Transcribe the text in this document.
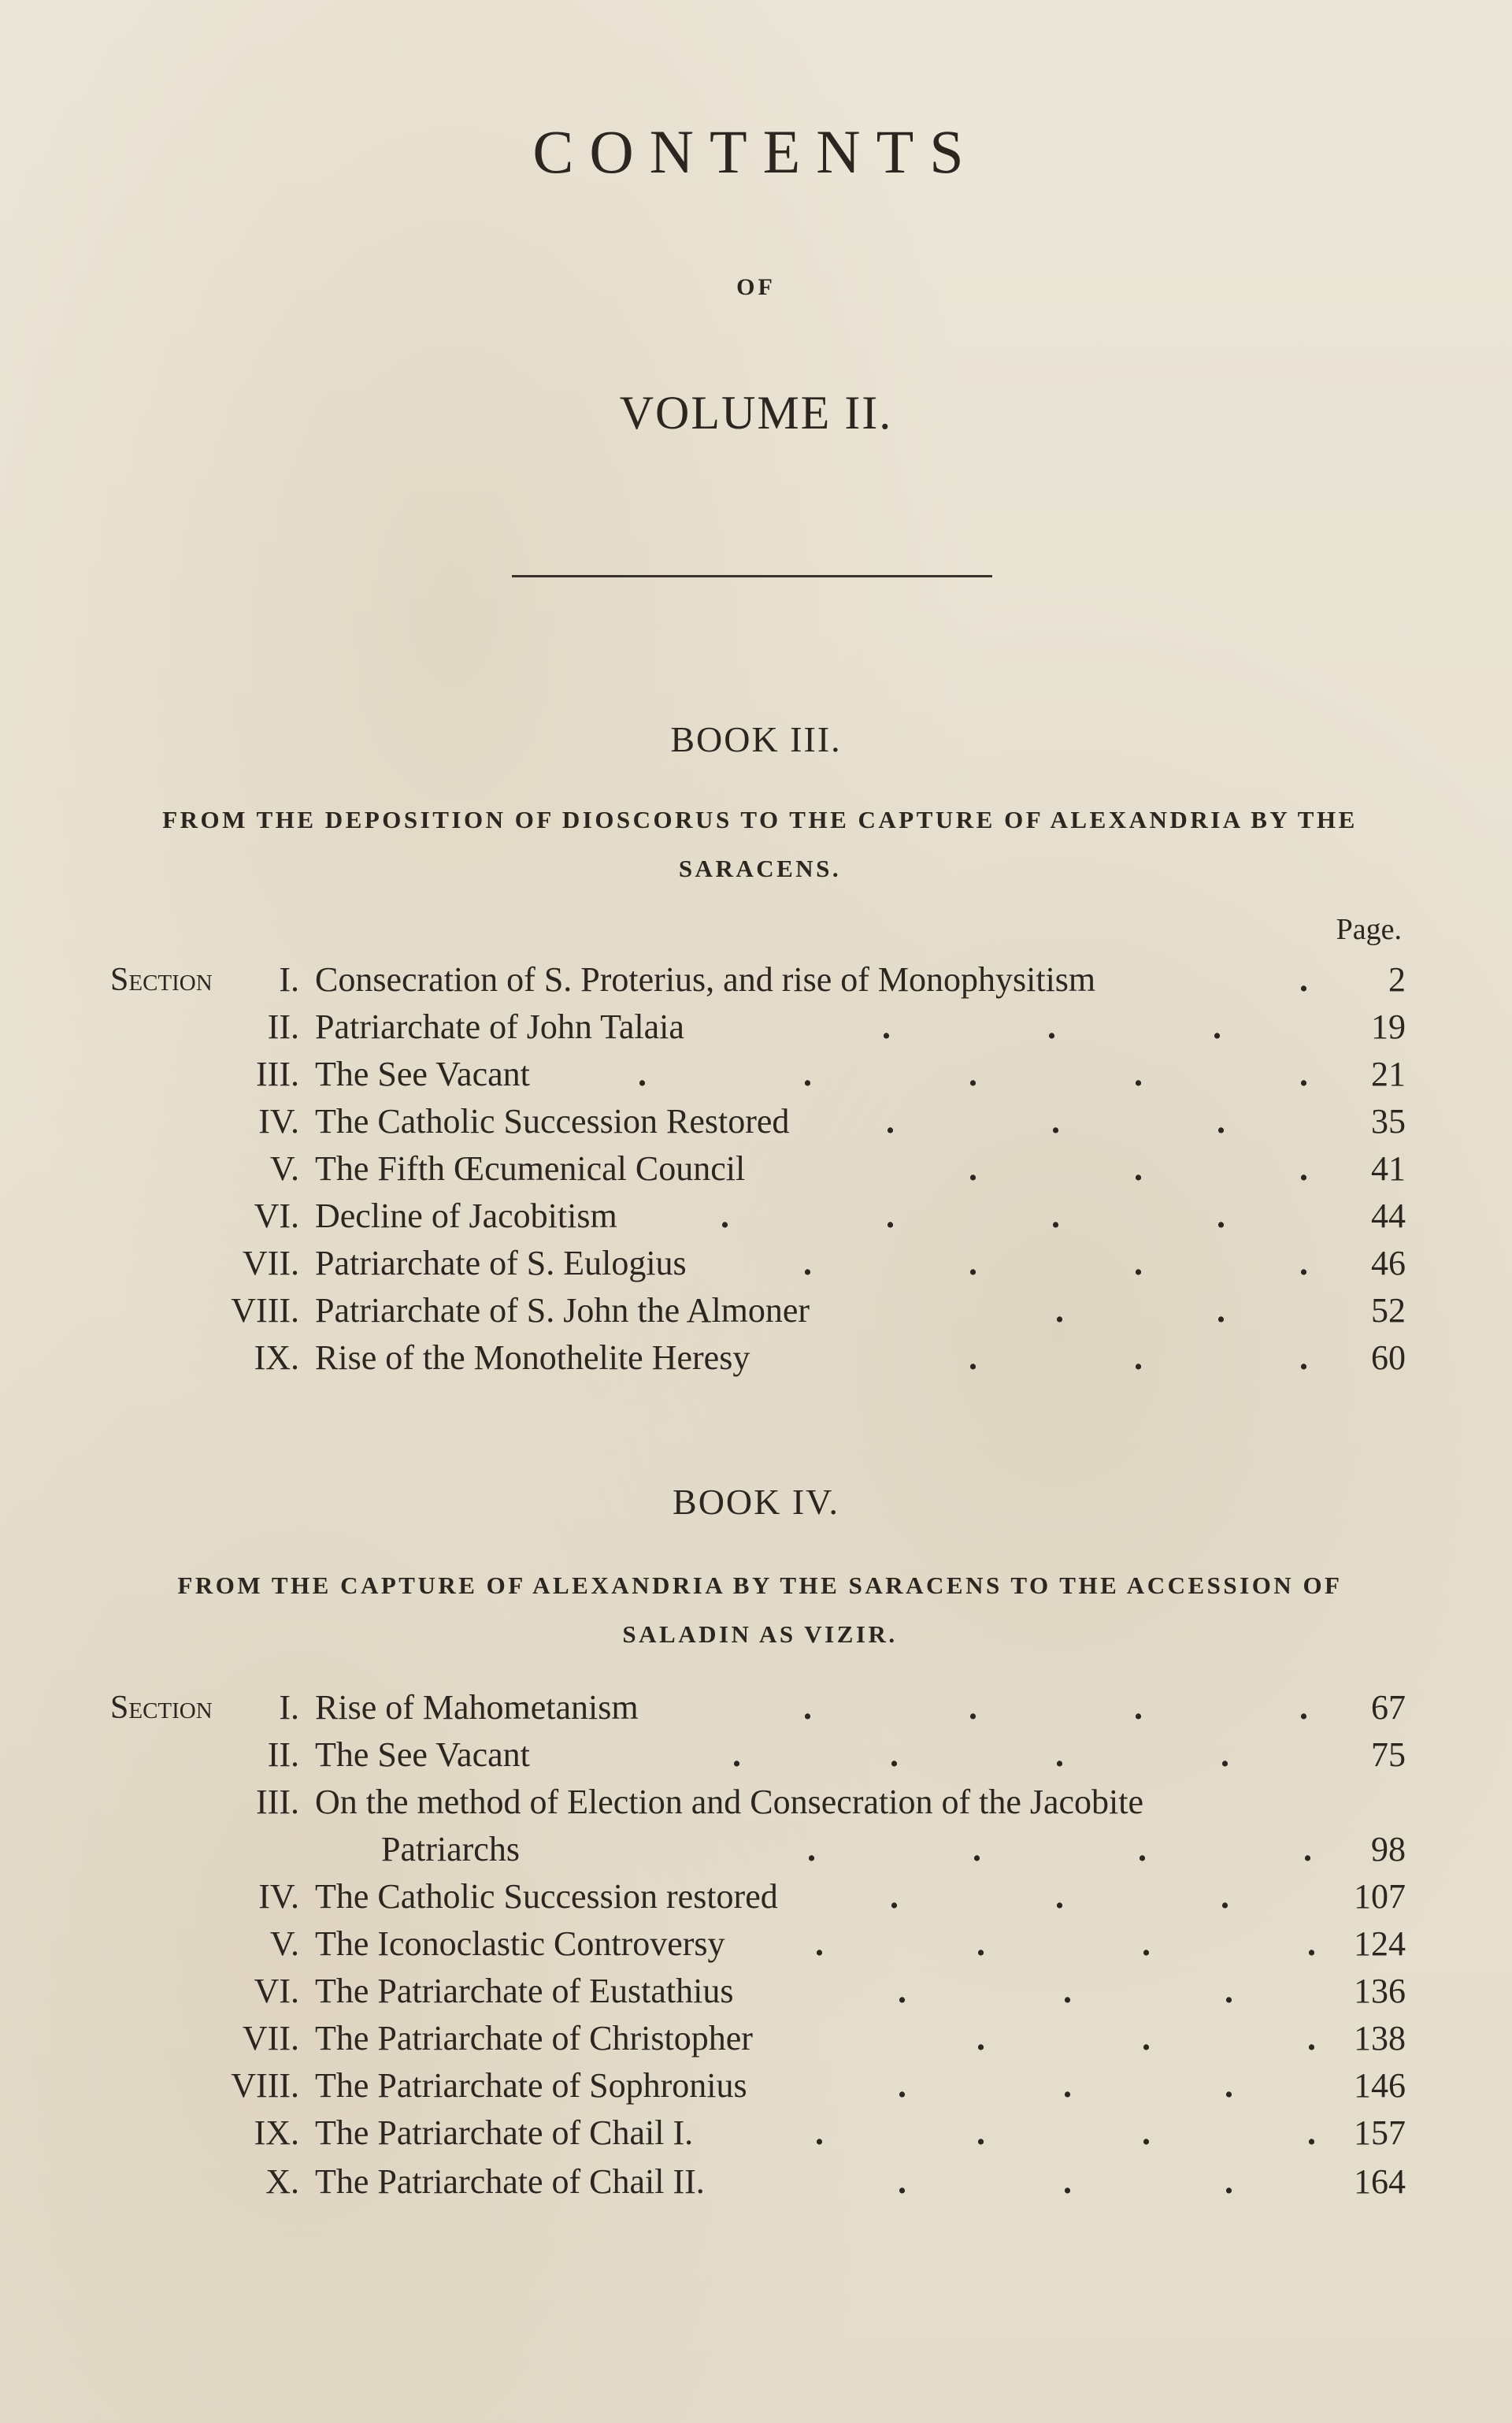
CONTENTS
OF
VOLUME II.
BOOK III.
FROM THE DEPOSITION OF DIOSCORUS TO THE CAPTURE OF ALEXANDRIA BY THE SARACENS.
Page.
Section	I. Consecration of S. Proterius, and rise of Monophysitism	.	2
II. Patriarchate of John Talaia	.	.	.	19
III. The See Vacant	.	.	.	.	.	21
IV. The Catholic Succession Restored	.	.	.	35
V. The Fifth Œcumenical Council	.	.	.	41
VI. Decline of Jacobitism	.	.	.	.	44
VII. Patriarchate of S. Eulogius	.	.	.	.	46
VIII. Patriarchate of S. John the Almoner	.	.	52
IX. Rise of the Monothelite Heresy	.	.	.	60
BOOK IV.
FROM THE CAPTURE OF ALEXANDRIA BY THE SARACENS TO THE ACCESSION OF SALADIN AS VIZIR.
Section	I. Rise of Mahometanism	.	.	.	.	67
II. The See Vacant	.	.	.	.	75
III. On the method of Election and Consecration of the Jacobite
Patriarchs	.	.	.	.	98
IV. The Catholic Succession restored	.	.	.	107
V. The Iconoclastic Controversy	.	.	.	.	124
VI. The Patriarchate of Eustathius	.	.	.	136
VII. The Patriarchate of Christopher	.	.	.	138
VIII. The Patriarchate of Sophronius	.	.	.	146
IX. The Patriarchate of Chail I.	.	.	.	.	157
X. The Patriarchate of Chail II.	.	.	.	164
